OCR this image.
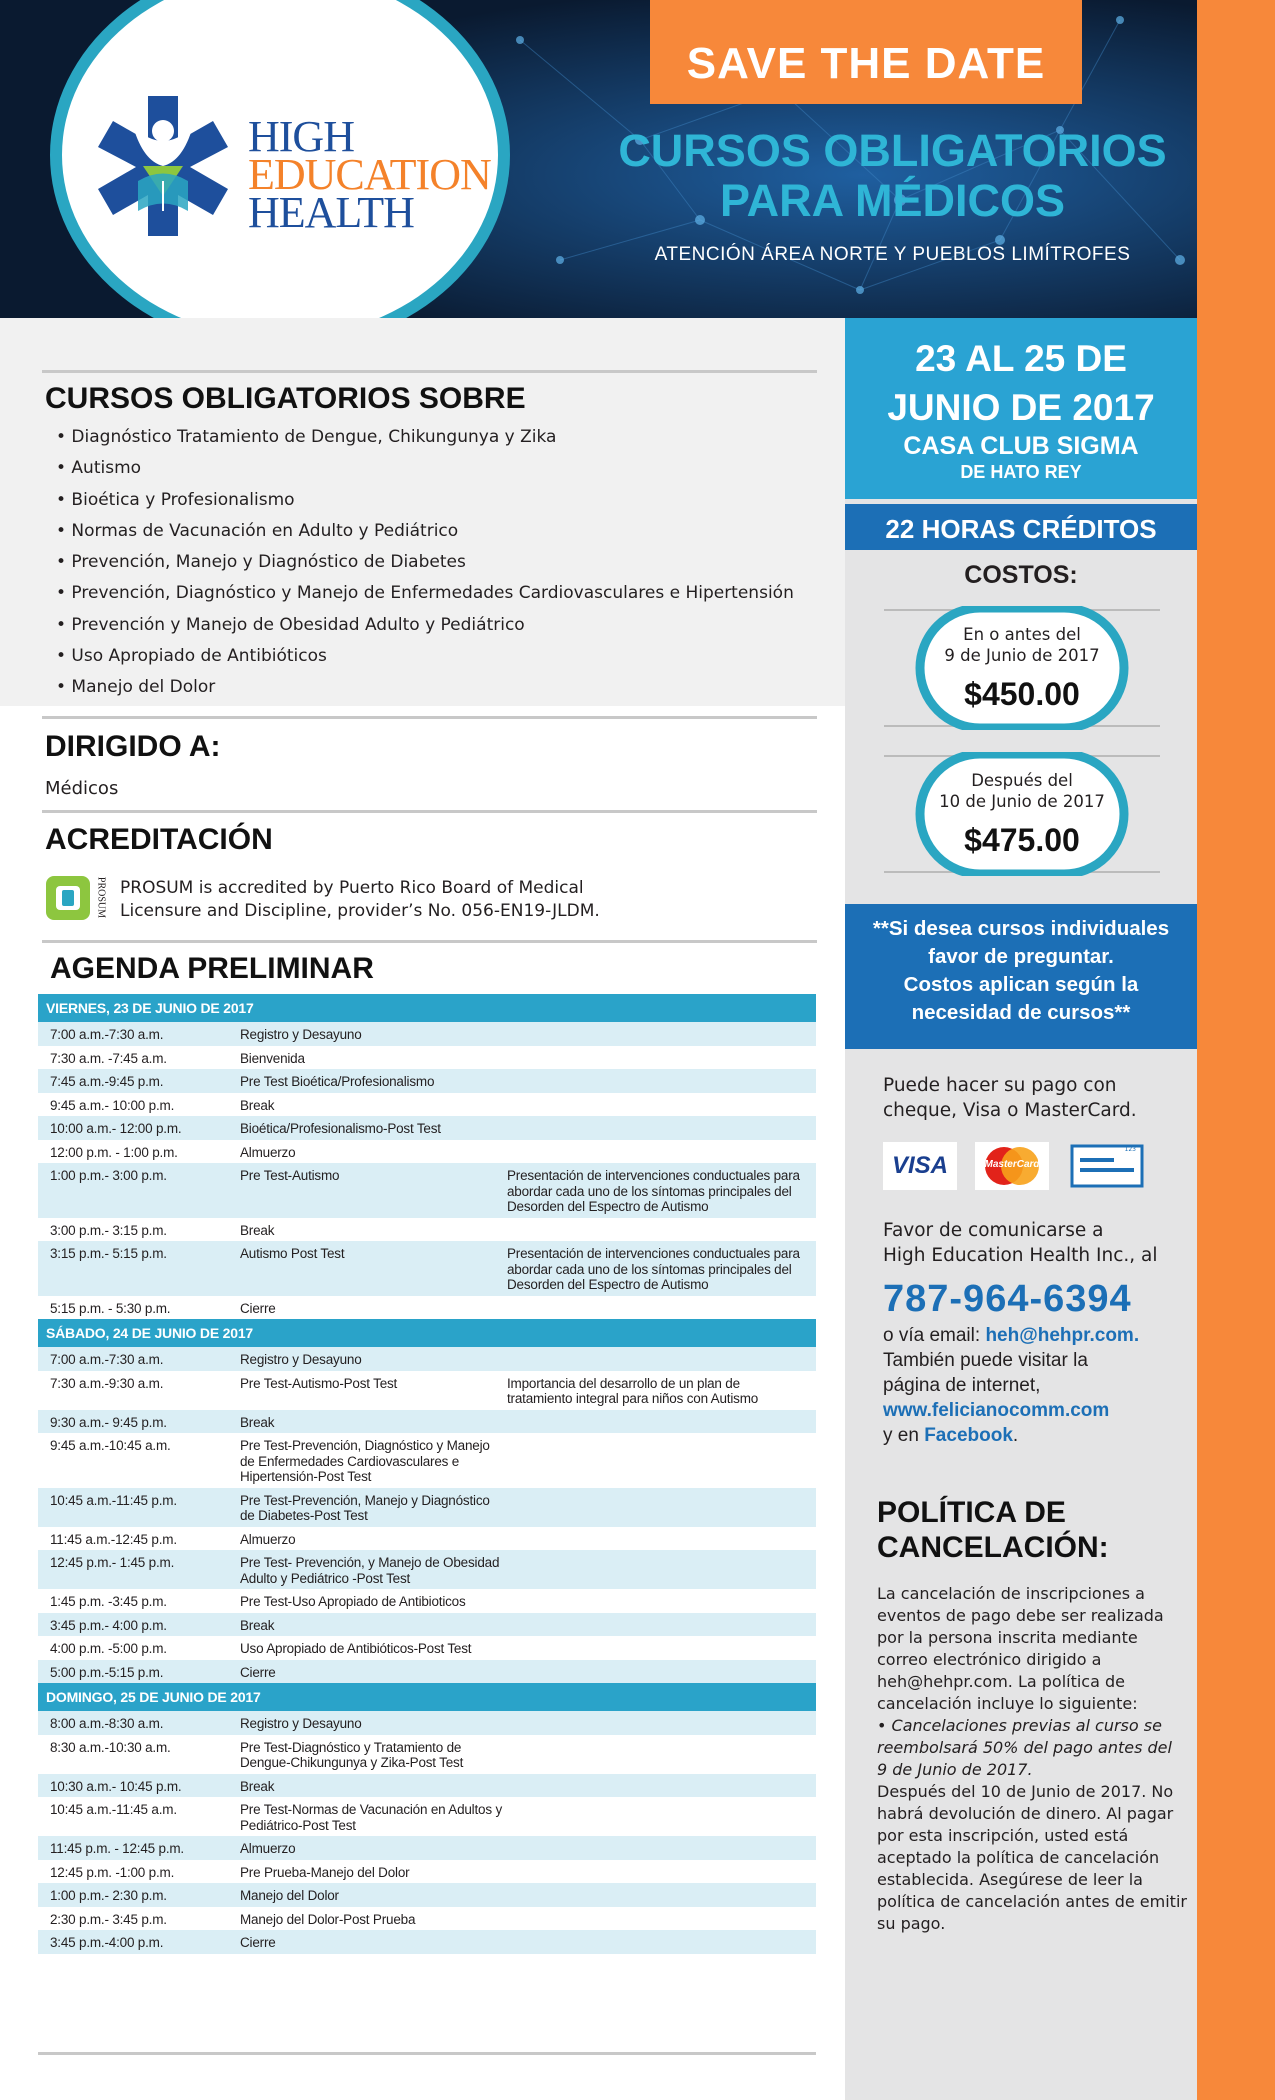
HIGH
EDUCATION
HEALTH
SAVE THE DATE
CURSOS OBLIGATORIOS
PARA MÉDICOS
ATENCIÓN ÁREA NORTE Y PUEBLOS LIMÍTROFES
CURSOS OBLIGATORIOS SOBRE
• Diagnóstico Tratamiento de Dengue, Chikungunya y Zika
• Autismo
• Bioética y Profesionalismo
• Normas de Vacunación en Adulto y Pediátrico
• Prevención, Manejo y Diagnóstico de Diabetes
• Prevención, Diagnóstico y Manejo de Enfermedades Cardiovasculares e Hipertensión
• Prevención y Manejo de Obesidad Adulto y Pediátrico
• Uso Apropiado de Antibióticos
• Manejo del Dolor
DIRIGIDO A:
Médicos
ACREDITACIÓN
PROSUM PROSUM is accredited by Puerto Rico Board of Medical
Licensure and Discipline, provider’s No. 056-EN19-JLDM.
AGENDA PRELIMINAR
VIERNES, 23 DE JUNIO DE 2017
7:00 a.m.-7:30 a.m.	Registro y Desayuno
7:30 a.m. -7:45 a.m.	Bienvenida
7:45 a.m.-9:45 p.m.	Pre Test Bioética/Profesionalismo
9:45 a.m.- 10:00 p.m.	Break
10:00 a.m.- 12:00 p.m.	Bioética/Profesionalismo-Post Test
12:00 p.m. - 1:00 p.m.	Almuerzo
1:00 p.m.- 3:00 p.m.	Pre Test-Autismo	Presentación de intervenciones conductuales para abordar cada uno de los síntomas principales del Desorden del Espectro de Autismo
3:00 p.m.- 3:15 p.m.	Break
3:15 p.m.- 5:15 p.m.	Autismo Post Test	Presentación de intervenciones conductuales para abordar cada uno de los síntomas principales del Desorden del Espectro de Autismo
5:15 p.m. - 5:30 p.m.	Cierre
SÁBADO, 24 DE JUNIO DE 2017
7:00 a.m.-7:30 a.m.	Registro y Desayuno
7:30 a.m.-9:30 a.m.	Pre Test-Autismo-Post Test	Importancia del desarrollo de un plan de tratamiento integral para niños con Autismo
9:30 a.m.- 9:45 p.m.	Break
9:45 a.m.-10:45 a.m.	Pre Test-Prevención, Diagnóstico y Manejo de Enfermedades Cardiovasculares e Hipertensión-Post Test
10:45 a.m.-11:45 p.m.	Pre Test-Prevención, Manejo y Diagnóstico de Diabetes-Post Test
11:45 a.m.-12:45 p.m.	Almuerzo
12:45 p.m.- 1:45 p.m.	Pre Test- Prevención, y Manejo de Obesidad Adulto y Pediátrico -Post Test
1:45 p.m. -3:45 p.m.	Pre Test-Uso Apropiado de Antibioticos
3:45 p.m.- 4:00 p.m.	Break
4:00 p.m. -5:00 p.m.	Uso Apropiado de Antibióticos-Post Test
5:00 p.m.-5:15 p.m.	Cierre
DOMINGO, 25 DE JUNIO DE 2017
8:00 a.m.-8:30 a.m.	Registro y Desayuno
8:30 a.m.-10:30 a.m.	Pre Test-Diagnóstico y Tratamiento de Dengue-Chikungunya y Zika-Post Test
10:30 a.m.- 10:45 p.m.	Break
10:45 a.m.-11:45 a.m.	Pre Test-Normas de Vacunación en Adultos y Pediátrico-Post Test
11:45 p.m. - 12:45 p.m.	Almuerzo
12:45 p.m. -1:00 p.m.	Pre Prueba-Manejo del Dolor
1:00 p.m.- 2:30 p.m.	Manejo del Dolor
2:30 p.m.- 3:45 p.m.	Manejo del Dolor-Post Prueba
3:45 p.m.-4:00 p.m.	Cierre
23 AL 25 DE
JUNIO DE 2017
CASA CLUB SIGMA
DE HATO REY
22 HORAS CRÉDITOS
COSTOS:
En o antes del
9 de Junio de 2017
$450.00
Después del
10 de Junio de 2017
$475.00
**Si desea cursos individuales
favor de preguntar.
Costos aplican según la
necesidad de cursos**
Puede hacer su pago con
cheque, Visa o MasterCard.
VISA	MasterCard
123
Favor de comunicarse a
High Education Health Inc., al
787-964-6394
o vía email: heh@hehpr.com.
También puede visitar la
página de internet,
www.felicianocomm.com
y en Facebook.
POLÍTICA DE
CANCELACIÓN:
La cancelación de inscripciones a eventos de pago debe ser realizada por la persona inscrita mediante correo electrónico dirigido a heh@hehpr.com. La política de cancelación incluye lo siguiente:
• Cancelaciones previas al curso se reembolsará 50% del pago antes del 9 de Junio de 2017.
Después del 10 de Junio de 2017. No habrá devolución de dinero. Al pagar por esta inscripción, usted está aceptado la política de cancelación establecida. Asegúrese de leer la política de cancelación antes de emitir su pago.
